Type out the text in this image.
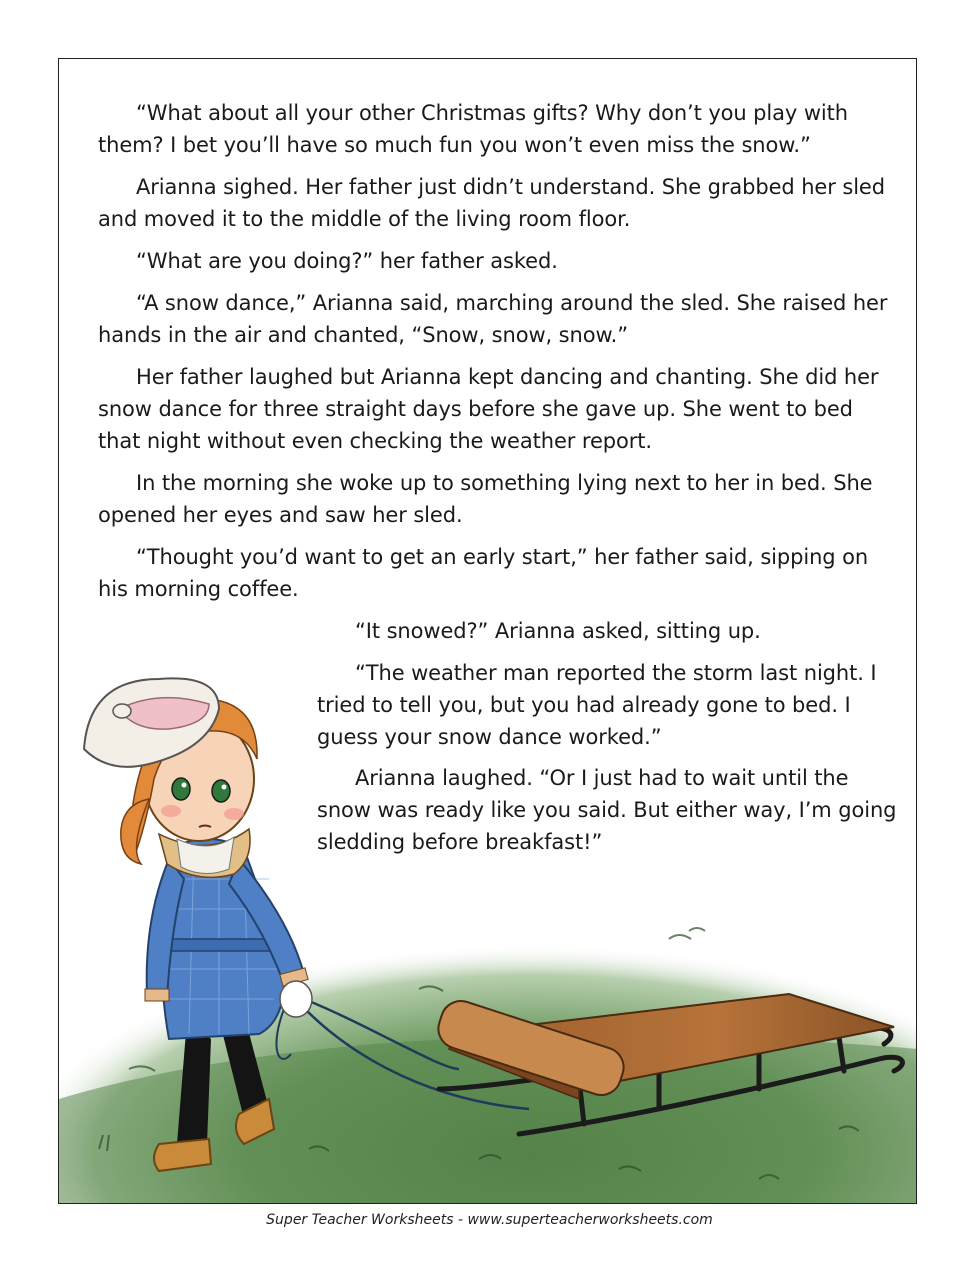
“What about all your other Christmas gifts? Why don’t you play with them? I bet you’ll have so much fun you won’t even miss the snow.”

Arianna sighed. Her father just didn’t understand. She grabbed her sled and moved it to the middle of the living room floor.

“What are you doing?” her father asked.

“A snow dance,” Arianna said, marching around the sled. She raised her hands in the air and chanted, “Snow, snow, snow.”

Her father laughed but Arianna kept dancing and chanting. She did her snow dance for three straight days before she gave up. She went to bed that night without even checking the weather report.

In the morning she woke up to something lying next to her in bed. She opened her eyes and saw her sled.

“Thought you’d want to get an early start,” her father said, sipping on his morning coffee.

“It snowed?” Arianna asked, sitting up.

“The weather man reported the storm last night. I tried to tell you, but you had already gone to bed. I guess your snow dance worked.”

Arianna laughed. “Or I just had to wait until the snow was ready like you said. But either way, I’m going sledding before breakfast!”

Super Teacher Worksheets - www.superteacherworksheets.com
